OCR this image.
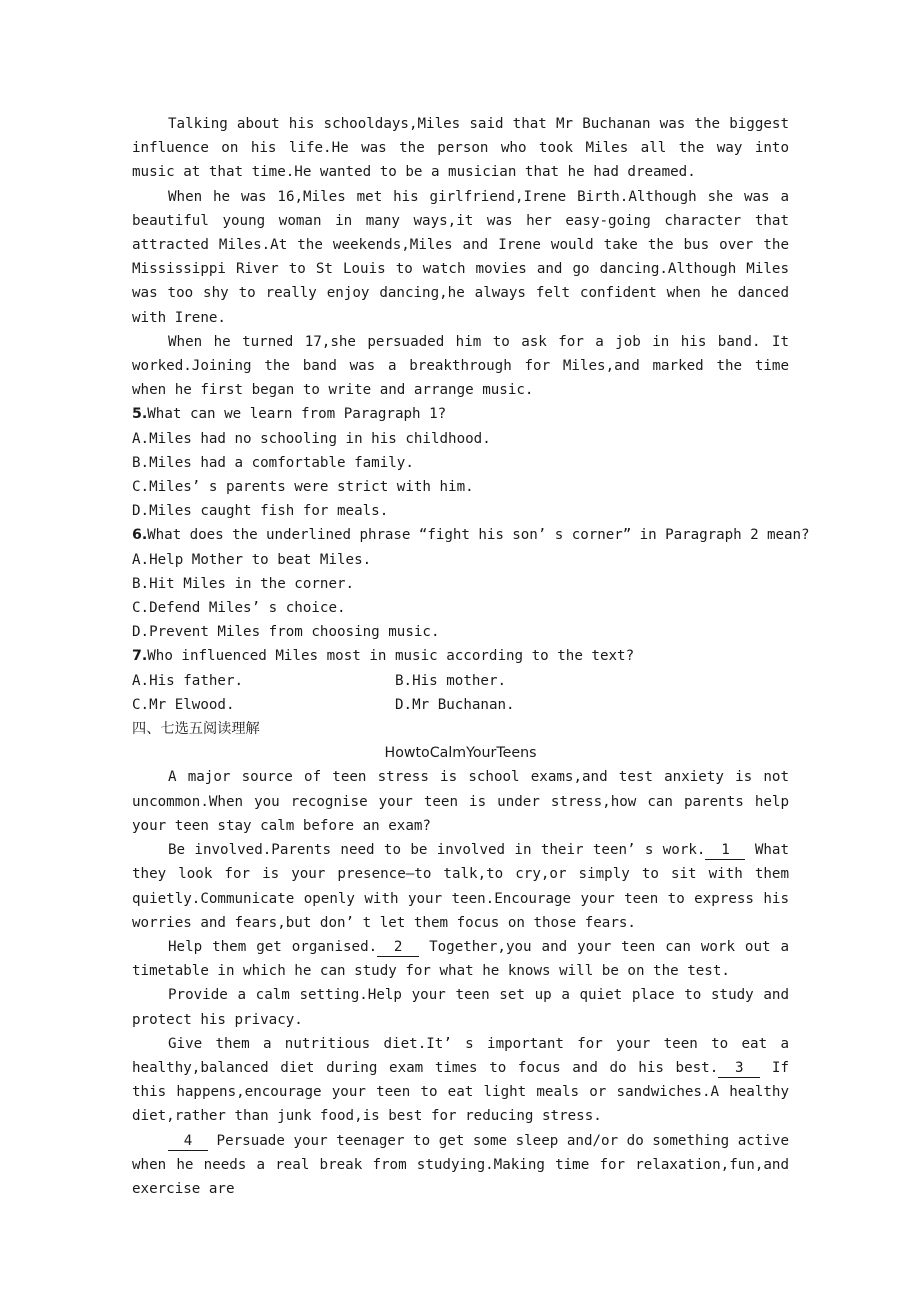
Talking about his schooldays,Miles said that Mr Buchanan was the biggest influence on his life.He was the person who took Miles all the way into music at that time.He wanted to be a musician that he had dreamed.

When he was 16,Miles met his girlfriend,Irene Birth.Although she was a beautiful young woman in many ways,it was her easy-going character that attracted Miles.At the weekends,Miles and Irene would take the bus over the Mississippi River to St Louis to watch movies and go dancing.Although Miles was too shy to really enjoy dancing,he always felt confident when he danced with Irene.

When he turned 17,she persuaded him to ask for a job in his band. It worked.Joining the band was a breakthrough for Miles,and marked the time when he first began to write and arrange music.

5.What can we learn from Paragraph 1?

A.Miles had no schooling in his childhood.

B.Miles had a comfortable family.

C.Miles’ s parents were strict with him.

D.Miles caught fish for meals.

6.What does the underlined phrase “fight his son’ s corner” in Paragraph 2 mean?

A.Help Mother to beat Miles.

B.Hit Miles in the corner.

C.Defend Miles’ s choice.

D.Prevent Miles from choosing music.

7.Who influenced Miles most in music according to the text?

A.His father.	B.His mother.
C.Mr Elwood.	D.Mr Buchanan.

四、七选五阅读理解

HowtoCalmYourTeens

A major source of teen stress is school exams,and test anxiety is not uncommon.When you recognise your teen is under stress,how can parents help your teen stay calm before an exam?

Be involved.Parents need to be involved in their teen’ s work. 1 What they look for is your presence—to talk,to cry,or simply to sit with them quietly.Communicate openly with your teen.Encourage your teen to express his worries and fears,but don’ t let them focus on those fears.

Help them get organised. 2 Together,you and your teen can work out a timetable in which he can study for what he knows will be on the test.

Provide a calm setting.Help your teen set up a quiet place to study and protect his privacy.

Give them a nutritious diet.It’ s important for your teen to eat a healthy,balanced diet during exam times to focus and do his best. 3 If this happens,encourage your teen to eat light meals or sandwiches.A healthy diet,rather than junk food,is best for reducing stress.

4 Persuade your teenager to get some sleep and/or do something active when he needs a real break from studying.Making time for relaxation,fun,and exercise are
